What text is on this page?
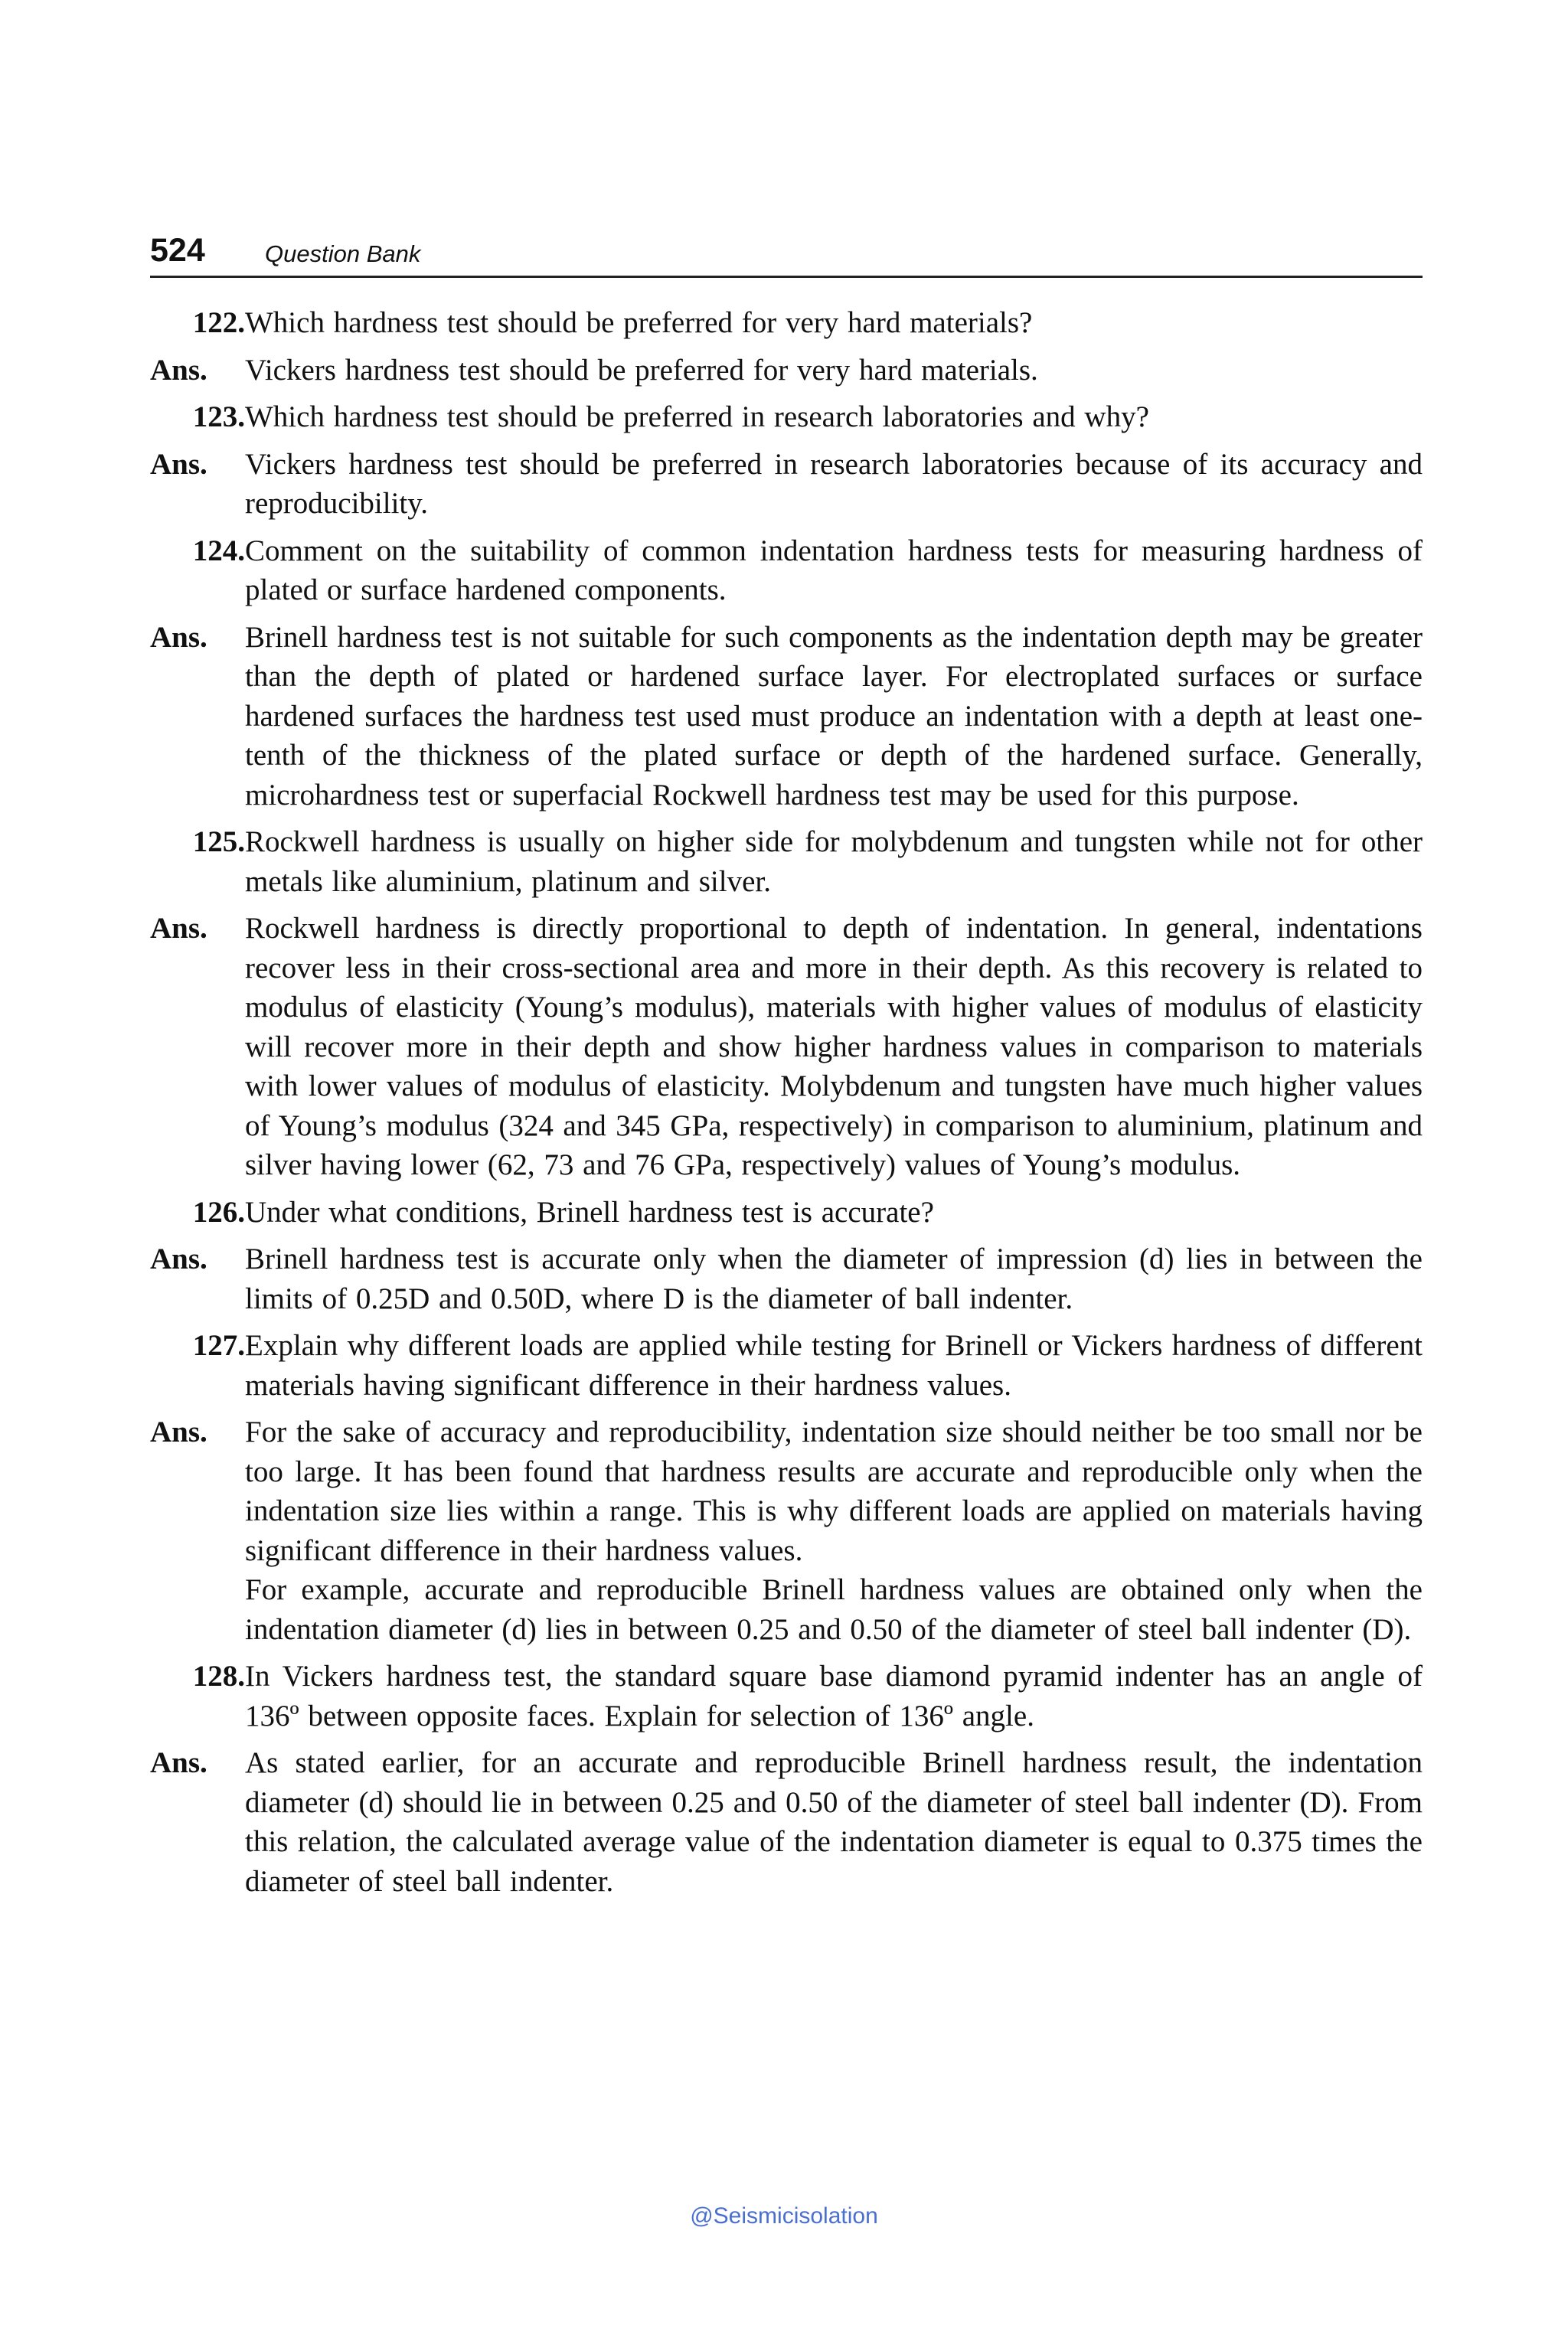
524	Question Bank
122. Which hardness test should be preferred for very hard materials?

Ans.	Vickers hardness test should be preferred for very hard materials.

123. Which hardness test should be preferred in research laboratories and why?

Ans.	Vickers hardness test should be preferred in research laboratories because of its accuracy and reproducibility.

124. Comment on the suitability of common indentation hardness tests for measuring hardness of plated or surface hardened components.

Ans.	Brinell hardness test is not suitable for such components as the indentation depth may be greater than the depth of plated or hardened surface layer. For electroplated surfaces or surface hardened surfaces the hardness test used must produce an indentation with a depth at least one-tenth of the thickness of the plated surface or depth of the hardened surface. Generally, microhardness test or superfacial Rockwell hardness test may be used for this purpose.

125. Rockwell hardness is usually on higher side for molybdenum and tungsten while not for other metals like aluminium, platinum and silver.

Ans.	Rockwell hardness is directly proportional to depth of indentation. In general, indentations recover less in their cross-sectional area and more in their depth. As this recovery is related to modulus of elasticity (Young’s modulus), materials with higher values of modulus of elasticity will recover more in their depth and show higher hardness values in comparison to materials with lower values of modulus of elasticity. Molybdenum and tungsten have much higher values of Young’s modulus (324 and 345 GPa, respectively) in comparison to aluminium, platinum and silver having lower (62, 73 and 76 GPa, respectively) values of Young’s modulus.

126. Under what conditions, Brinell hardness test is accurate?

Ans.	Brinell hardness test is accurate only when the diameter of impression (d) lies in between the limits of 0.25D and 0.50D, where D is the diameter of ball indenter.

127. Explain why different loads are applied while testing for Brinell or Vickers hardness of different materials having significant difference in their hardness values.

Ans.	For the sake of accuracy and reproducibility, indentation size should neither be too small nor be too large. It has been found that hardness results are accurate and reproducible only when the indentation size lies within a range. This is why different loads are applied on materials having significant difference in their hardness values.

For example, accurate and reproducible Brinell hardness values are obtained only when the indentation diameter (d) lies in between 0.25 and 0.50 of the diameter of steel ball indenter (D).

128. In Vickers hardness test, the standard square base diamond pyramid indenter has an angle of 136º between opposite faces. Explain for selection of 136º angle.

Ans.	As stated earlier, for an accurate and reproducible Brinell hardness result, the indentation diameter (d) should lie in between 0.25 and 0.50 of the diameter of steel ball indenter (D). From this relation, the calculated average value of the indentation diameter is equal to 0.375 times the diameter of steel ball indenter.

@Seismicisolation
